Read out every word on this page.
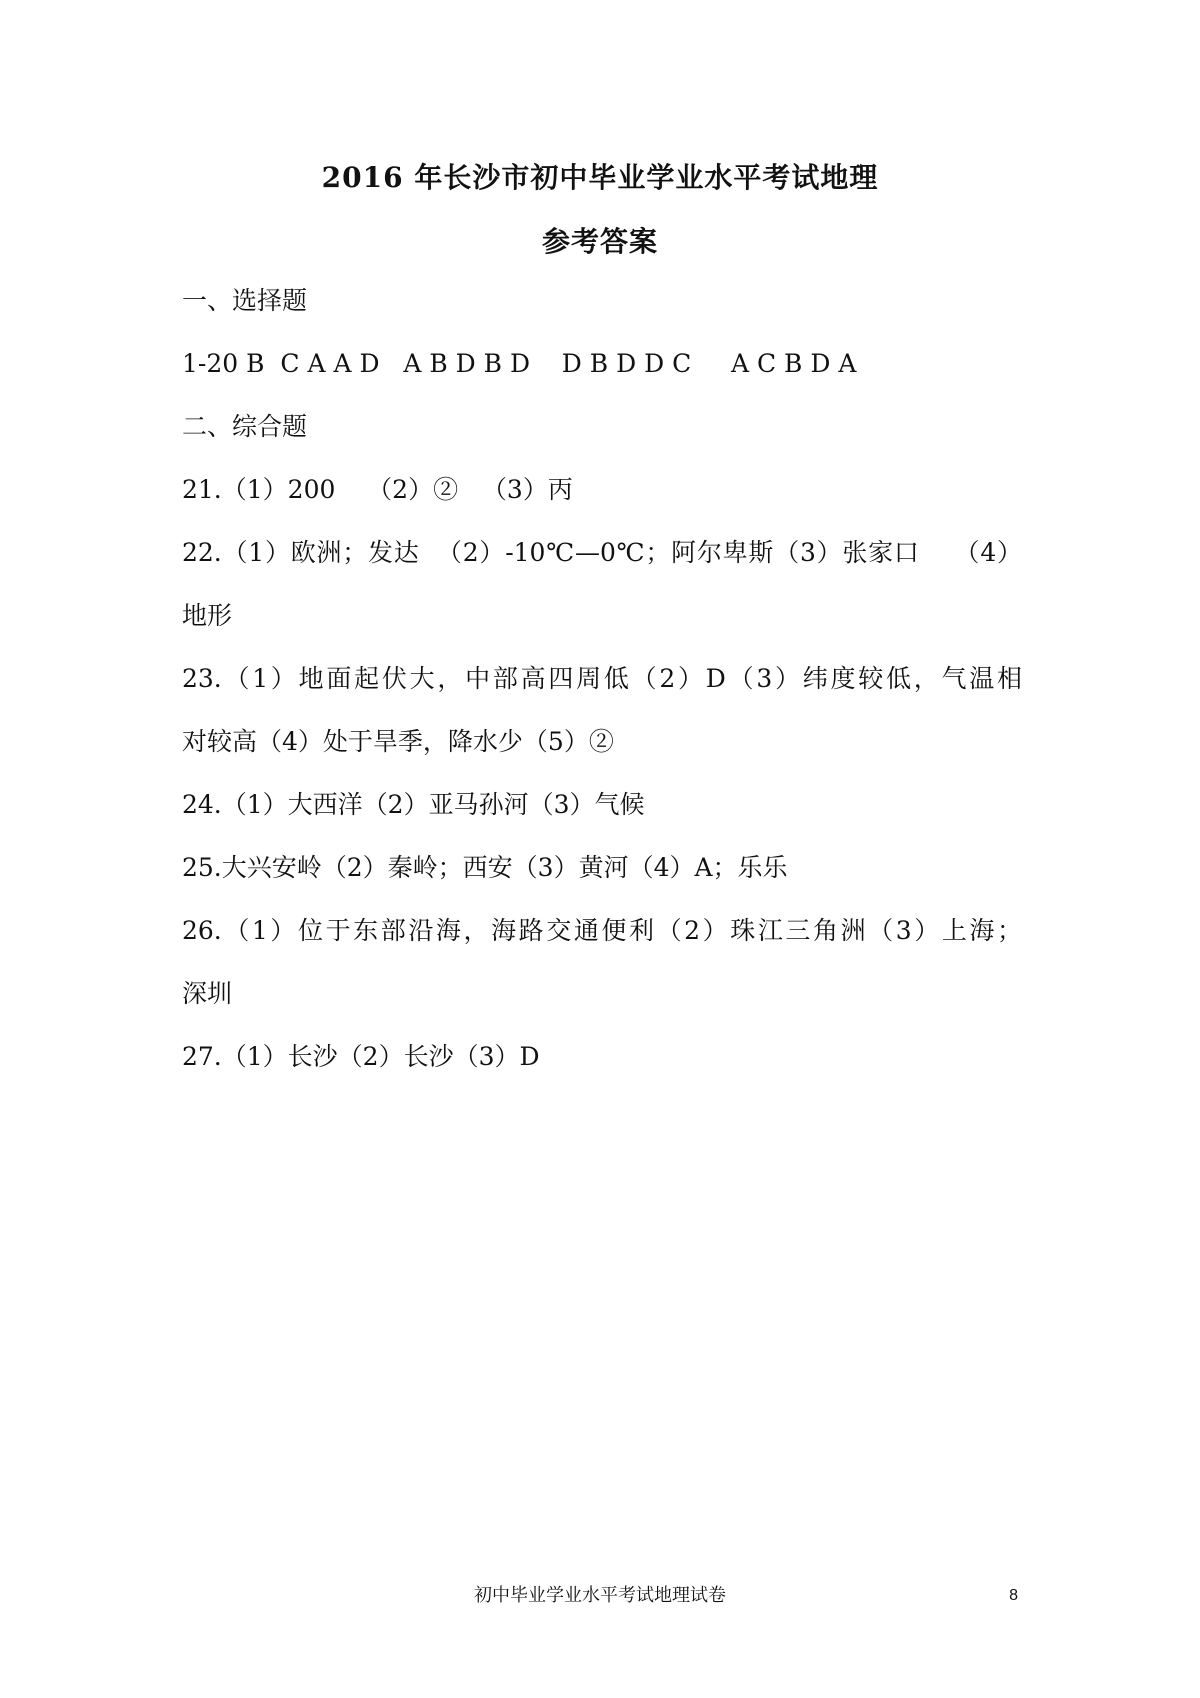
2016 年长沙市初中毕业学业水平考试地理
参考答案
一、选择题
1-20 B  C A A D   A B D B D    D B D D C     A C B D A
二、综合题
21.（1）200    （2）②   （3）丙
22.（1）欧洲；发达  （2）-10℃—0℃；阿尔卑斯（3）张家口    （4）
地形
23.（1）地面起伏大，中部高四周低（2）D（3）纬度较低，气温相
对较高（4）处于旱季，降水少（5）②
24.（1）大西洋（2）亚马孙河（3）气候
25.大兴安岭（2）秦岭；西安（3）黄河（4）A；乐乐
26.（1）位于东部沿海，海路交通便利（2）珠江三角洲（3）上海；
深圳
27.（1）长沙（2）长沙（3）D
初中毕业学业水平考试地理试卷	8
